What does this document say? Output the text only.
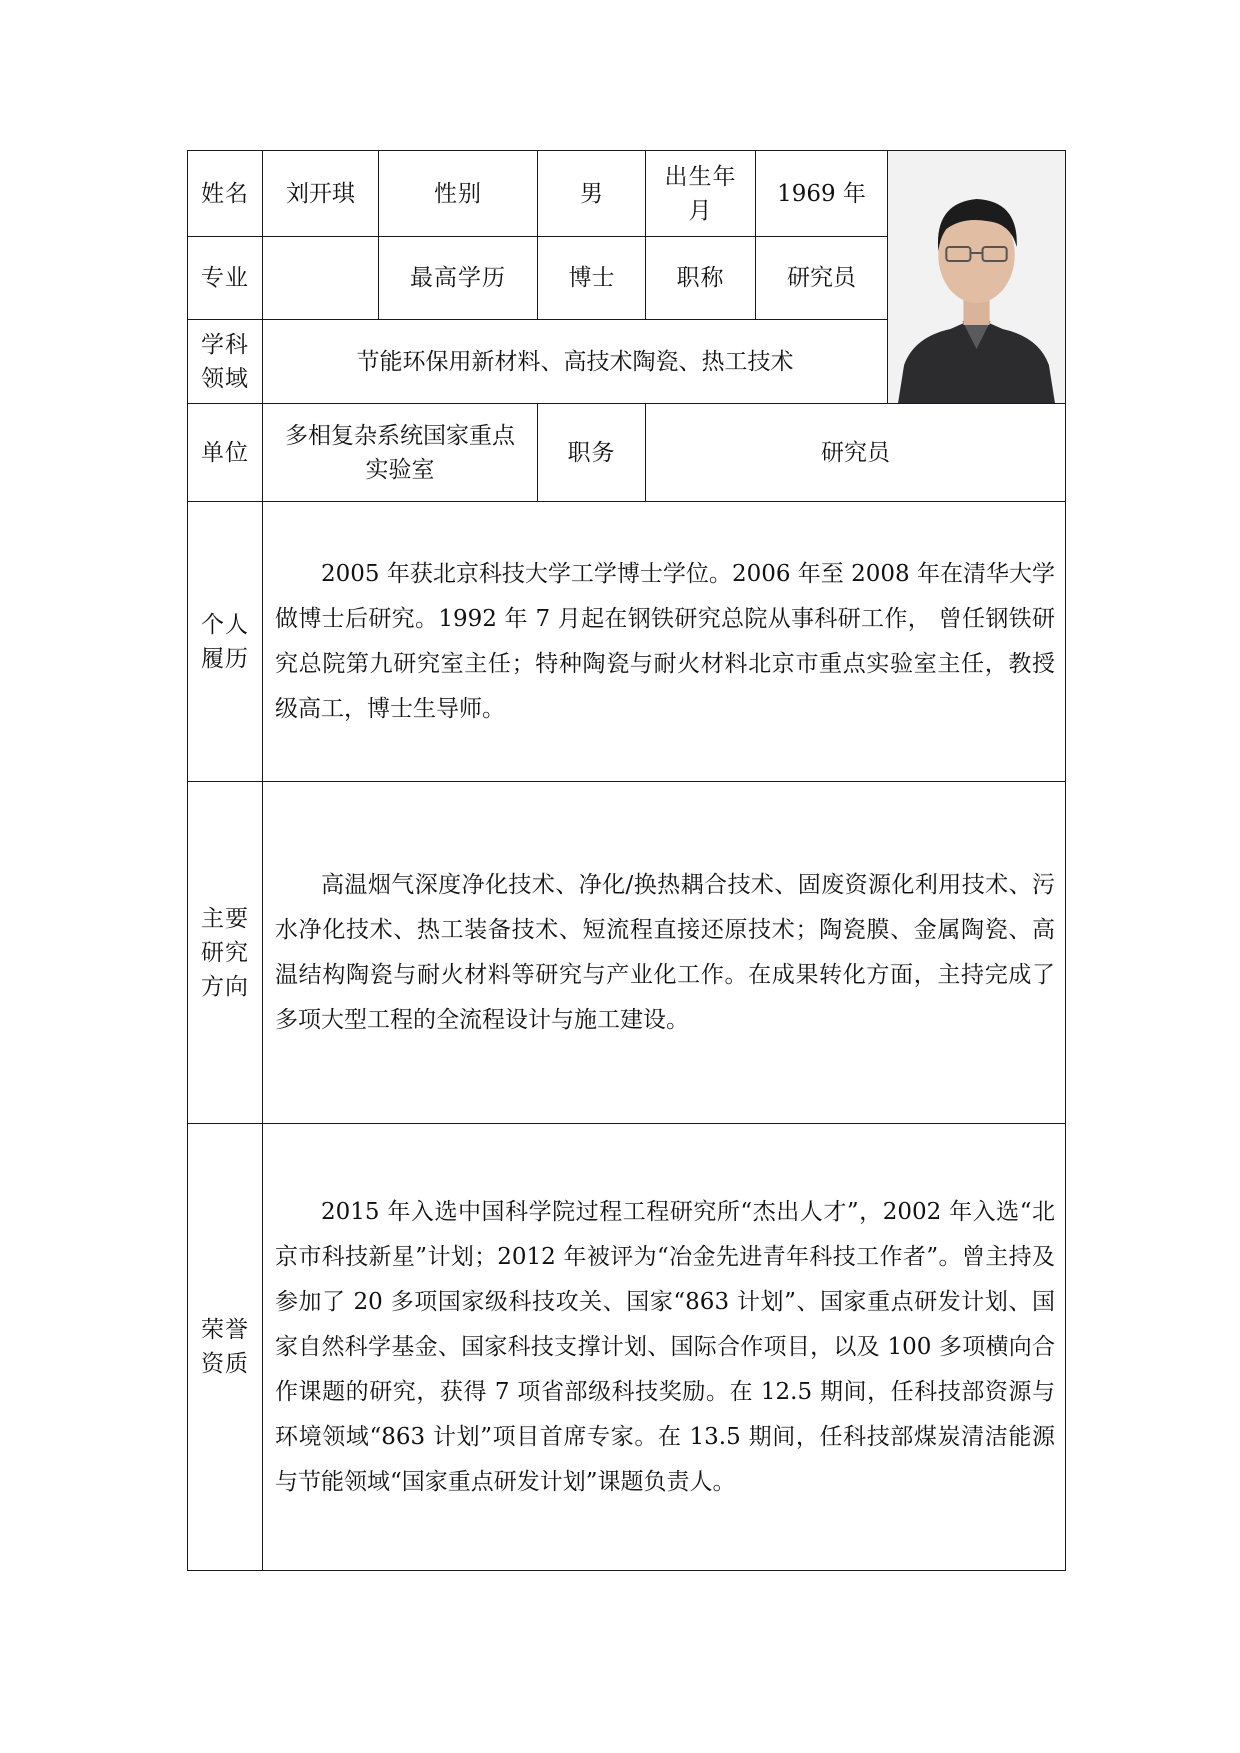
姓名	刘开琪	性别	男	出生年月	1969 年	

专业		最高学历	博士	职称	研究员	

学科领域	节能环保用新材料、高技术陶瓷、热工技术					
单位	多相复杂系统国家重点实验室		职务	研究员		

个人履历	2005 年获北京科技大学工学博士学位。2006 年至 2008 年在清华大学做博士后研究。1992 年 7 月起在钢铁研究总院从事科研工作， 曾任钢铁研究总院第九研究室主任；特种陶瓷与耐火材料北京市重点实验室主任，教授级高工，博士生导师。					

主要研究方向	高温烟气深度净化技术、净化/换热耦合技术、固废资源化利用技术、污水净化技术、热工装备技术、短流程直接还原技术；陶瓷膜、金属陶瓷、高温结构陶瓷与耐火材料等研究与产业化工作。在成果转化方面，主持完成了多项大型工程的全流程设计与施工建设。					

荣誉资质	2015 年入选中国科学院过程工程研究所“杰出人才”，2002 年入选“北京市科技新星”计划；2012 年被评为“冶金先进青年科技工作者”。曾主持及参加了 20 多项国家级科技攻关、国家“863 计划”、国家重点研发计划、国家自然科学基金、国家科技支撑计划、国际合作项目，以及 100 多项横向合作课题的研究，获得 7 项省部级科技奖励。在 12.5 期间，任科技部资源与环境领域“863 计划”项目首席专家。在 13.5 期间，任科技部煤炭清洁能源与节能领域“国家重点研发计划”课题负责人。					
